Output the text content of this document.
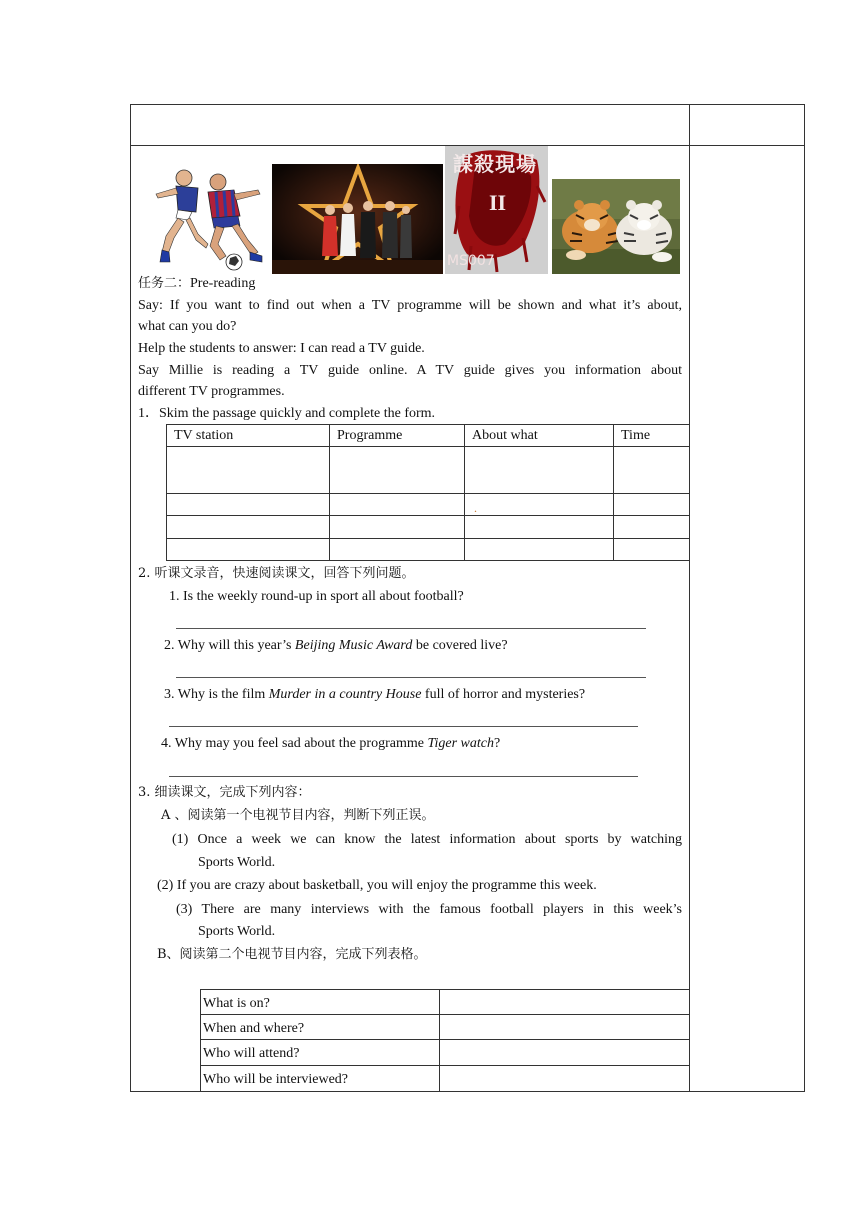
謀殺現場
II
MS007
任务二：Pre-reading
Say: If you want to find out when a TV programme will be shown and what it’s about,
what can you do?
Help the students to answer: I can read a TV guide.
Say Millie is reading a TV guide online. A TV guide gives you information about
different TV programmes.
1．Skim the passage quickly and complete the form.
TV station	Programme	About what	Time
.
2. 听课文录音，快速阅读课文，回答下列问题。
1. Is the weekly round-up in sport all about football?
2. Why will this year’s Beijing Music Award be covered live?
3. Why is the film Murder in a country House full of horror and mysteries?
4. Why may you feel sad about the programme Tiger watch?
3. 细读课文，完成下列内容：
A 、阅读第一个电视节目内容，判断下列正误。
(1) Once a week we can know the latest information about sports by watching
Sports World.
(2) If you are crazy about basketball, you will enjoy the programme this week.
(3) There are many interviews with the famous football players in this week’s
Sports World.
B、阅读第二个电视节目内容，完成下列表格。
What is on?
When and where?
Who will attend?
Who will be interviewed?
